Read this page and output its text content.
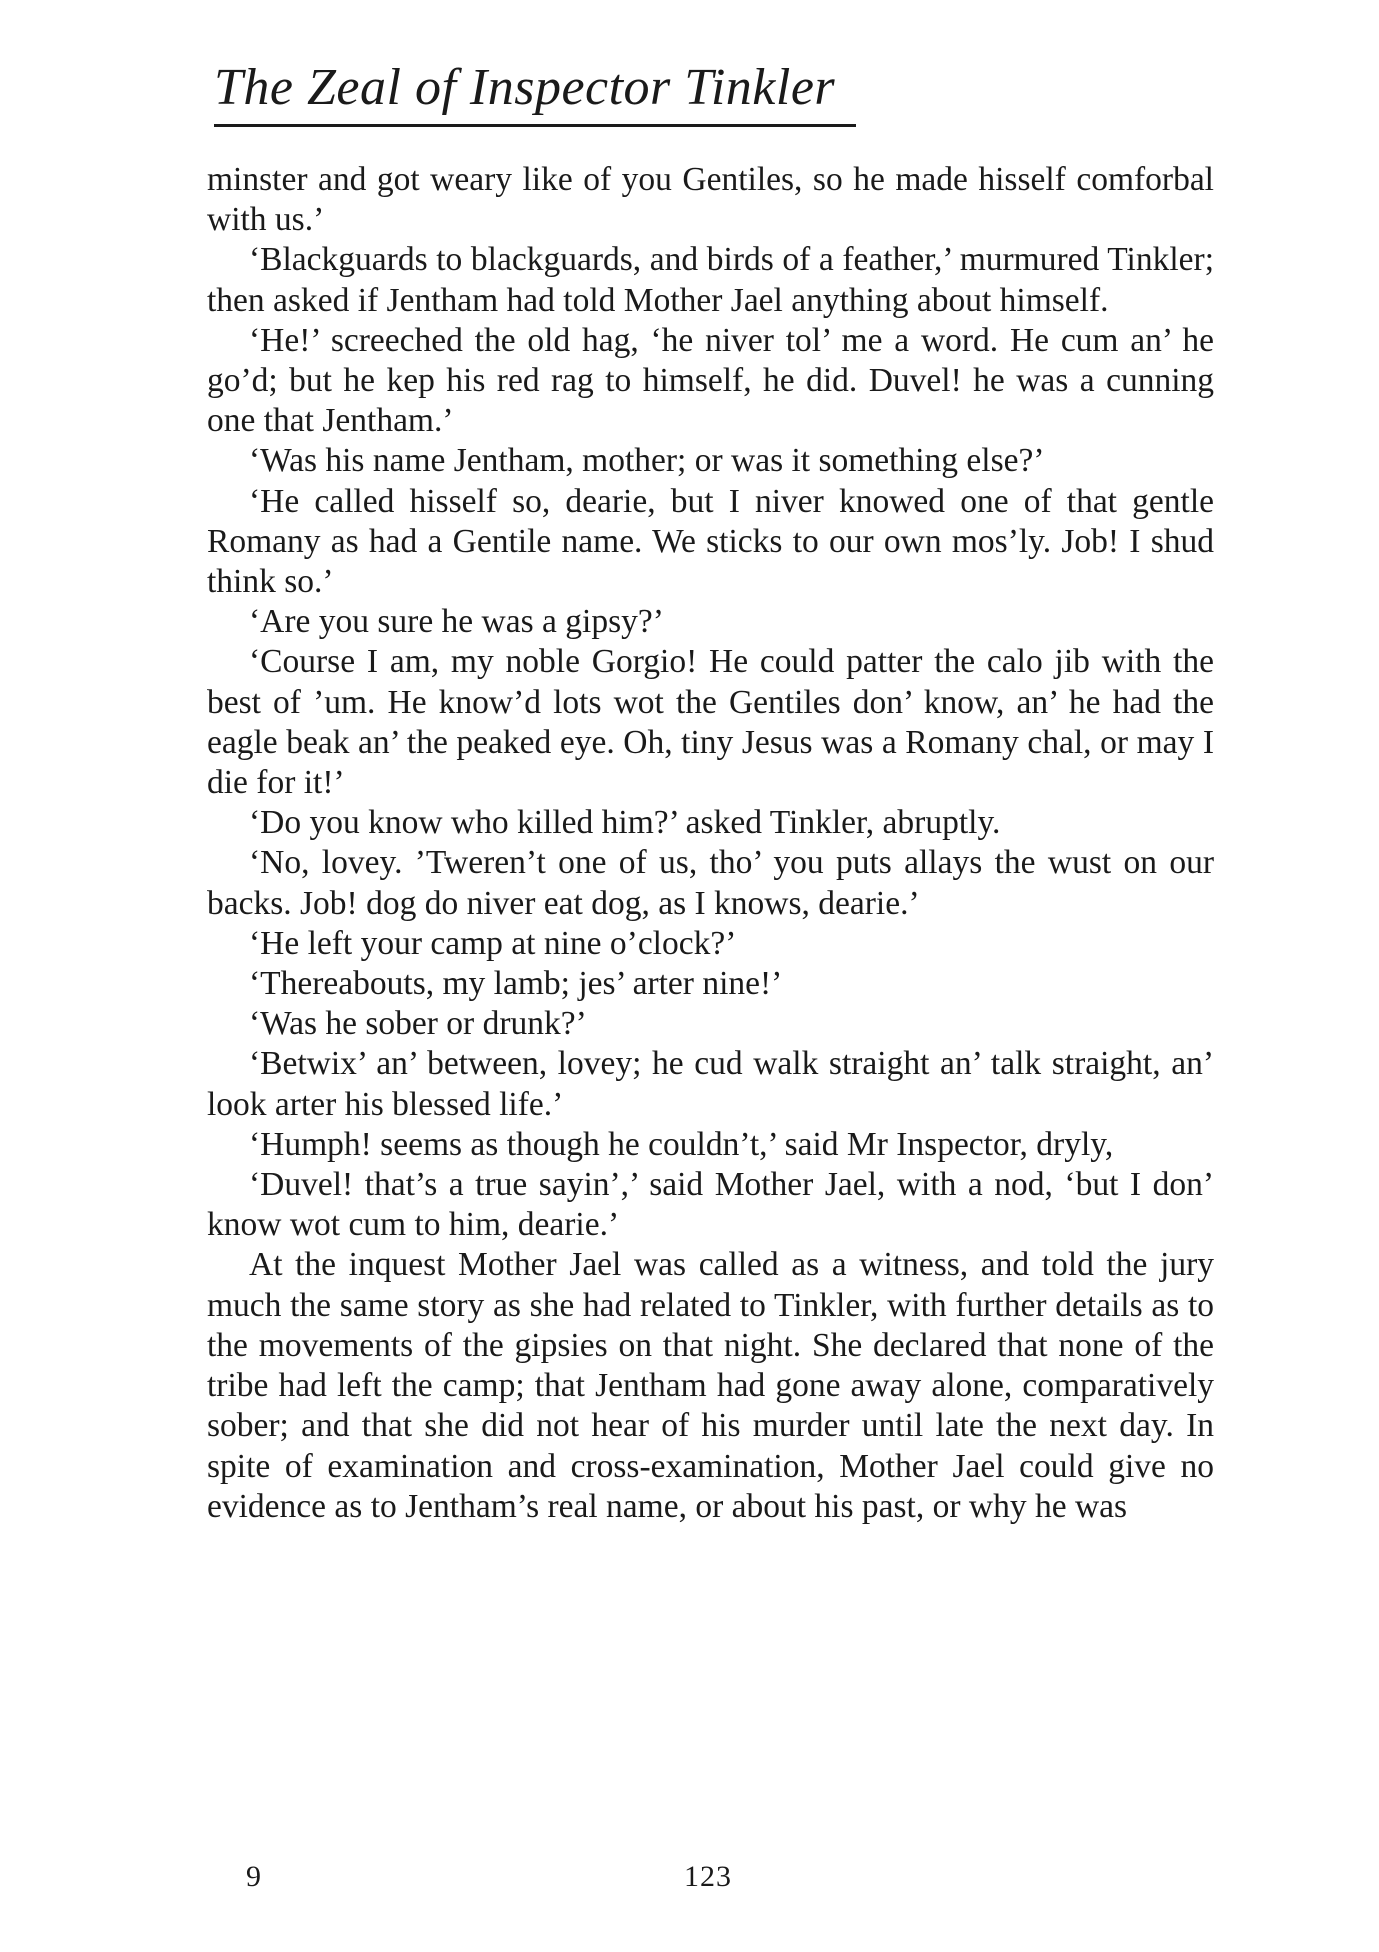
The Zeal of Inspector Tinkler

minster and got weary like of you Gentiles, so he made hisself comforbal with us.’

‘Blackguards to blackguards, and birds of a feather,’ murmured Tinkler; then asked if Jentham had told Mother Jael anything about himself.

‘He!’ screeched the old hag, ‘he niver tol’ me a word. He cum an’ he go’d; but he kep his red rag to himself, he did. Duvel! he was a cunning one that Jentham.’

‘Was his name Jentham, mother; or was it something else?’

‘He called hisself so, dearie, but I niver knowed one of that gentle Romany as had a Gentile name. We sticks to our own mos’ly. Job! I shud think so.’

‘Are you sure he was a gipsy?’

‘Course I am, my noble Gorgio! He could patter the calo jib with the best of ’um. He know’d lots wot the Gentiles don’ know, an’ he had the eagle beak an’ the peaked eye. Oh, tiny Jesus was a Romany chal, or may I die for it!’

‘Do you know who killed him?’ asked Tinkler, abruptly.

‘No, lovey. ’Tweren’t one of us, tho’ you puts allays the wust on our backs. Job! dog do niver eat dog, as I knows, dearie.’

‘He left your camp at nine o’clock?’

‘Thereabouts, my lamb; jes’ arter nine!’

‘Was he sober or drunk?’

‘Betwix’ an’ between, lovey; he cud walk straight an’ talk straight, an’ look arter his blessed life.’

‘Humph! seems as though he couldn’t,’ said Mr Inspector, dryly,

‘Duvel! that’s a true sayin’,’ said Mother Jael, with a nod, ‘but I don’ know wot cum to him, dearie.’

At the inquest Mother Jael was called as a witness, and told the jury much the same story as she had related to Tinkler, with further details as to the movements of the gipsies on that night. She declared that none of the tribe had left the camp; that Jentham had gone away alone, comparatively sober; and that she did not hear of his murder until late the next day. In spite of examination and cross-examination, Mother Jael could give no evidence as to Jentham’s real name, or about his past, or why he was

9	123
